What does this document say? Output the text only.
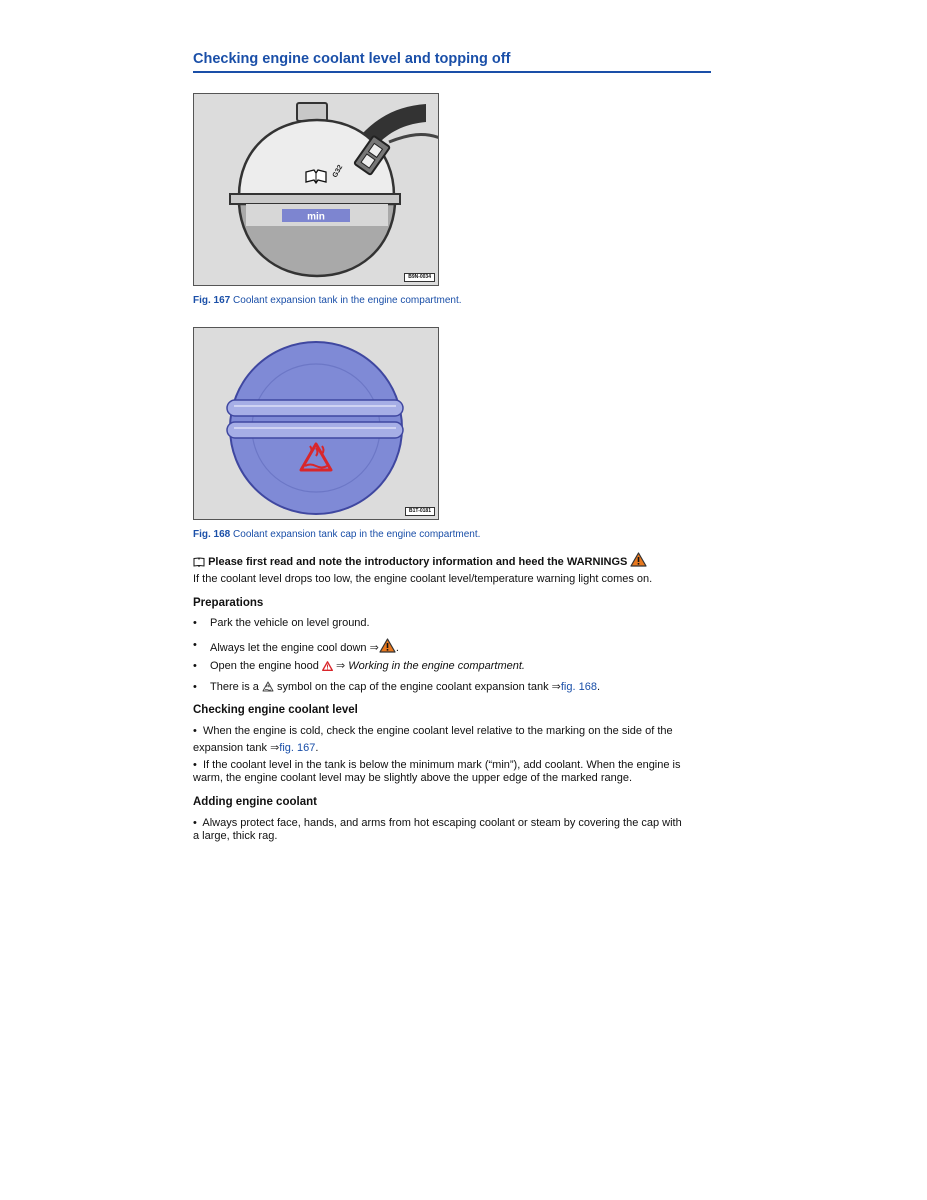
Checking engine coolant level and topping off
min
G32
B9N-0034
Fig. 167 Coolant expansion tank in the engine compartment.
B1T-0181
Fig. 168 Coolant expansion tank cap in the engine compartment.
Please first read and note the introductory information and heed the WARNINGS
If the coolant level drops too low, the engine coolant level/temperature warning light comes on.
Preparations
• Park the vehicle on level ground.
• Always let the engine cool down ⇒ .
• Open the engine hood ⇒ Working in the engine compartment.
• There is a symbol on the cap of the engine coolant expansion tank ⇒fig. 168.
Checking engine coolant level
• When the engine is cold, check the engine coolant level relative to the marking on the side of the
expansion tank ⇒fig. 167.
• If the coolant level in the tank is below the minimum mark (“min”), add coolant. When the engine is
warm, the engine coolant level may be slightly above the upper edge of the marked range.
Adding engine coolant
• Always protect face, hands, and arms from hot escaping coolant or steam by covering the cap with
a large, thick rag.
